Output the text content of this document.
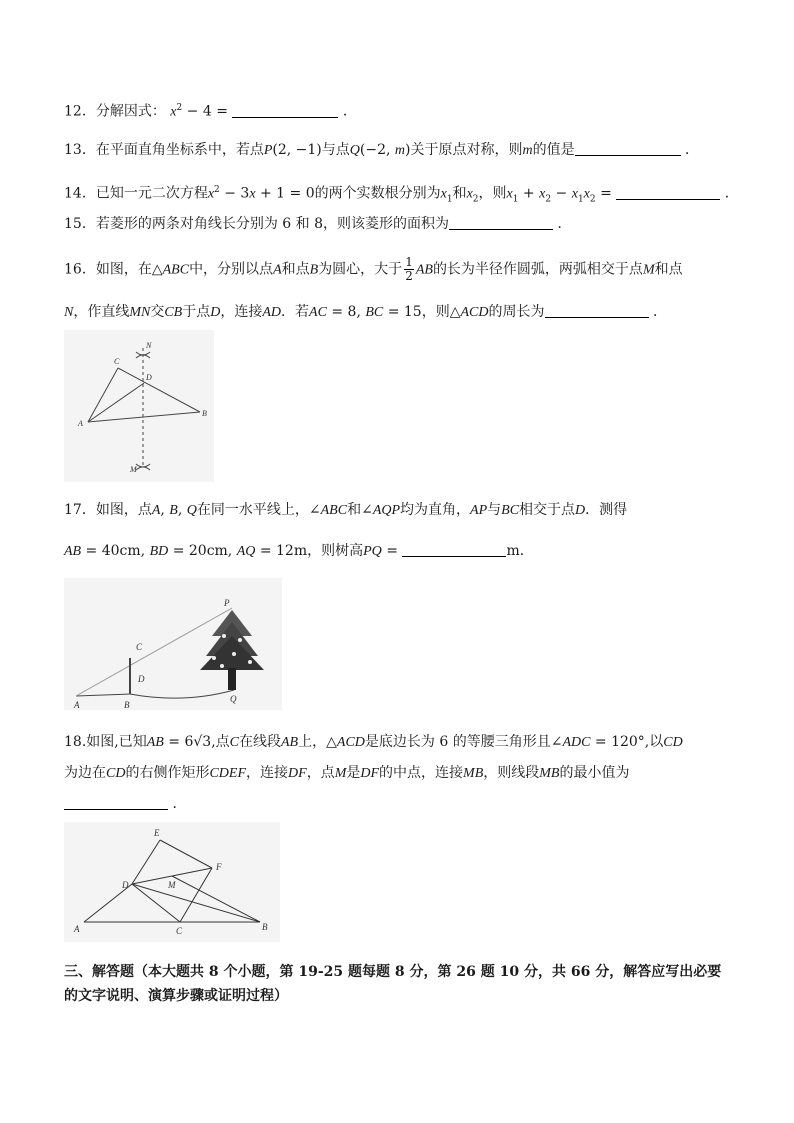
12．分解因式： $x^2 - 4$ =	．
13．在平面直角坐标系中，若点P(2, −1)与点Q(−2, m)关于原点对称，则m的值是	．
14．已知一元二次方程$x^2 - 3x + 1 = 0$的两个实数根分别为$x_1$和$x_2$，则$x_1 + x_2 - x_1x_2$ =	．
15．若菱形的两条对角线长分别为 6 和 8，则该菱形的面积为	．
16．如图，在△ABC中，分别以点A和点B为圆心，大于 $\frac{1}{2}$ AB的长为半径作圆弧，两弧相交于点M和点
N，作直线MN交CB于点D，连接AD．若AC = 8, BC = 15，则△ACD的周长为	．
C
N
D
A
B
M
17．如图，点A, B, Q在同一水平线上，∠ABC和∠AQP均为直角，AP与BC相交于点D．测得
AB = 40cm, BD = 20cm, AQ = 12m，则树高PQ =	m．
P
C
D
A	B
Q
18.如图,已知AB = 6√3,点C在线段AB上，△ACD是底边长为 6 的等腰三角形且∠ADC = 120°,以CD
为边在CD的右侧作矩形CDEF，连接DF，点M是DF的中点，连接MB，则线段MB的最小值为
．
E
F
D	M
A	C	B
三、解答题（本大题共 8 个小题，第 19-25 题每题 8 分，第 26 题 10 分，共 66 分，解答应写出必要的文字说明、演算步骤或证明过程）
